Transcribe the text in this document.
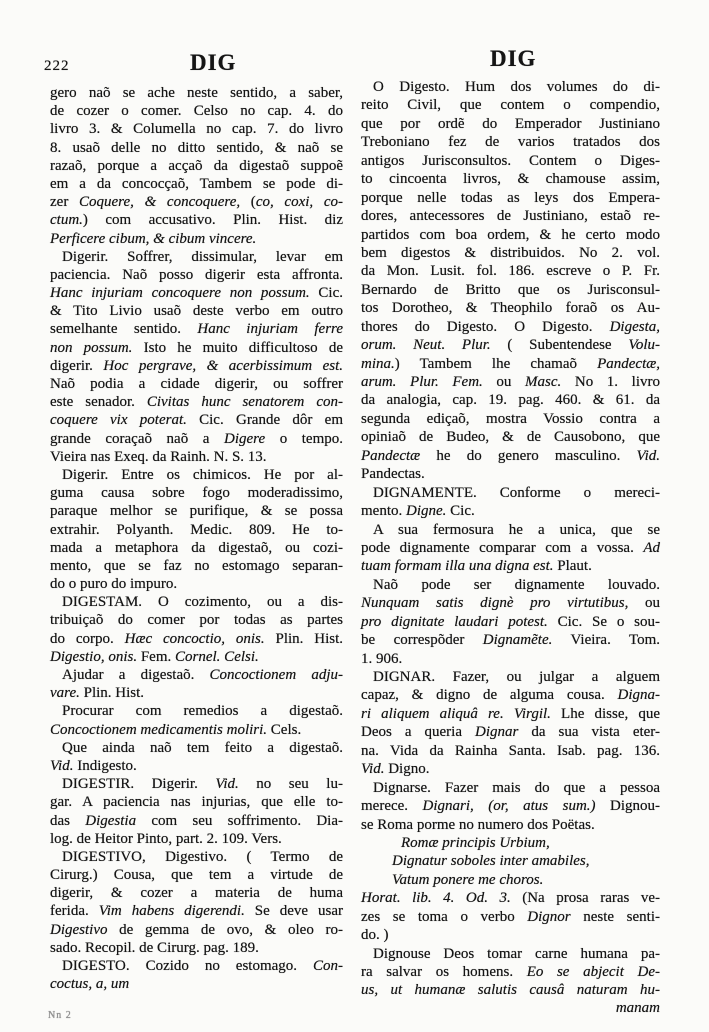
222	DIG	DIG
gero naõ se ache neste sentido, a saber,
de cozer o comer. Celso no cap. 4. do
livro 3. & Columella no cap. 7. do livro
8. usaõ delle no ditto sentido, & naõ se
razaõ, porque a acçaõ da digestaõ suppoẽ
em a da concocçaõ, Tambem se pode di-
zer Coquere, & concoquere, (co, coxi, co-
ctum.) com accusativo. Plin. Hist. diz
Perficere cibum, & cibum vincere.
Digerir. Soffrer, dissimular, levar em
paciencia. Naõ posso digerir esta affronta.
Hanc injuriam concoquere non possum. Cic.
& Tito Livio usaõ deste verbo em outro
semelhante sentido. Hanc injuriam ferre
non possum. Isto he muito difficultoso de
digerir. Hoc pergrave, & acerbissimum est.
Naõ podia a cidade digerir, ou soffrer
este senador. Civitas hunc senatorem con-
coquere vix poterat. Cic. Grande dôr em
grande coraçaõ naõ a Digere o tempo.
Vieira nas Exeq. da Rainh. N. S. 13.
Digerir. Entre os chimicos. He por al-
guma causa sobre fogo moderadissimo,
paraque melhor se purifique, & se possa
extrahir. Polyanth. Medic. 809. He to-
mada a metaphora da digestaõ, ou cozi-
mento, que se faz no estomago separan-
do o puro do impuro.
DIGESTAM. O cozimento, ou a dis-
tribuiçaõ do comer por todas as partes
do corpo. Hæc concoctio, onis. Plin. Hist.
Digestio, onis. Fem. Cornel. Celsi.
Ajudar a digestaõ. Concoctionem adju-
vare. Plin. Hist.
Procurar com remedios a digestaõ.
Concoctionem medicamentis moliri. Cels.
Que ainda naõ tem feito a digestaõ.
Vid. Indigesto.
DIGESTIR. Digerir. Vid. no seu lu-
gar. A paciencia nas injurias, que elle to-
das Digestia com seu soffrimento. Dia-
log. de Heitor Pinto, part. 2. 109. Vers.
DIGESTIVO, Digestivo. ( Termo de
Cirurg.) Cousa, que tem a virtude de
digerir, & cozer a materia de huma
ferida. Vim habens digerendi. Se deve usar
Digestivo de gemma de ovo, & oleo ro-
sado. Recopil. de Cirurg. pag. 189.
DIGESTO. Cozido no estomago. Con-
coctus, a, um
O Digesto. Hum dos volumes do di-
reito Civil, que contem o compendio,
que por ordẽ do Emperador Justiniano
Treboniano fez de varios tratados dos
antigos Jurisconsultos. Contem o Diges-
to cincoenta livros, & chamouse assim,
porque nelle todas as leys dos Empera-
dores, antecessores de Justiniano, estaõ re-
partidos com boa ordem, & he certo modo
bem digestos & distribuidos. No 2. vol.
da Mon. Lusit. fol. 186. escreve o P. Fr.
Bernardo de Britto que os Jurisconsul-
tos Dorotheo, & Theophilo foraõ os Au-
thores do Digesto. O Digesto. Digesta,
orum. Neut. Plur. ( Subentendese Volu-
mina.) Tambem lhe chamaõ Pandectæ,
arum. Plur. Fem. ou Masc. No 1. livro
da analogia, cap. 19. pag. 460. & 61. da
segunda ediçaõ, mostra Vossio contra a
opiniaõ de Budeo, & de Causobono, que
Pandectæ he do genero masculino. Vid.
Pandectas.
DIGNAMENTE. Conforme o mereci-
mento. Digne. Cic.
A sua fermosura he a unica, que se
pode dignamente comparar com a vossa. Ad
tuam formam illa una digna est. Plaut.
Naõ pode ser dignamente louvado.
Nunquam satis dignè pro virtutibus, ou
pro dignitate laudari potest. Cic. Se o sou-
be correspõder Dignamẽte. Vieira. Tom.
1. 906.
DIGNAR. Fazer, ou julgar a alguem
capaz, & digno de alguma cousa. Digna-
ri aliquem aliquâ re. Virgil. Lhe disse, que
Deos a queria Dignar da sua vista eter-
na. Vida da Rainha Santa. Isab. pag. 136.
Vid. Digno.
Dignarse. Fazer mais do que a pessoa
merece. Dignari, (or, atus sum.) Dignou-
se Roma porme no numero dos Poëtas.
Romæ principis Urbium,
Dignatur soboles inter amabiles,
Vatum ponere me choros.
Horat. lib. 4. Od. 3. (Na prosa raras ve-
zes se toma o verbo Dignor neste senti-
do. )
Dignouse Deos tomar carne humana pa-
ra salvar os homens. Eo se abjecit De-
us, ut humanæ salutis causâ naturam hu-
manam
Nn 2
